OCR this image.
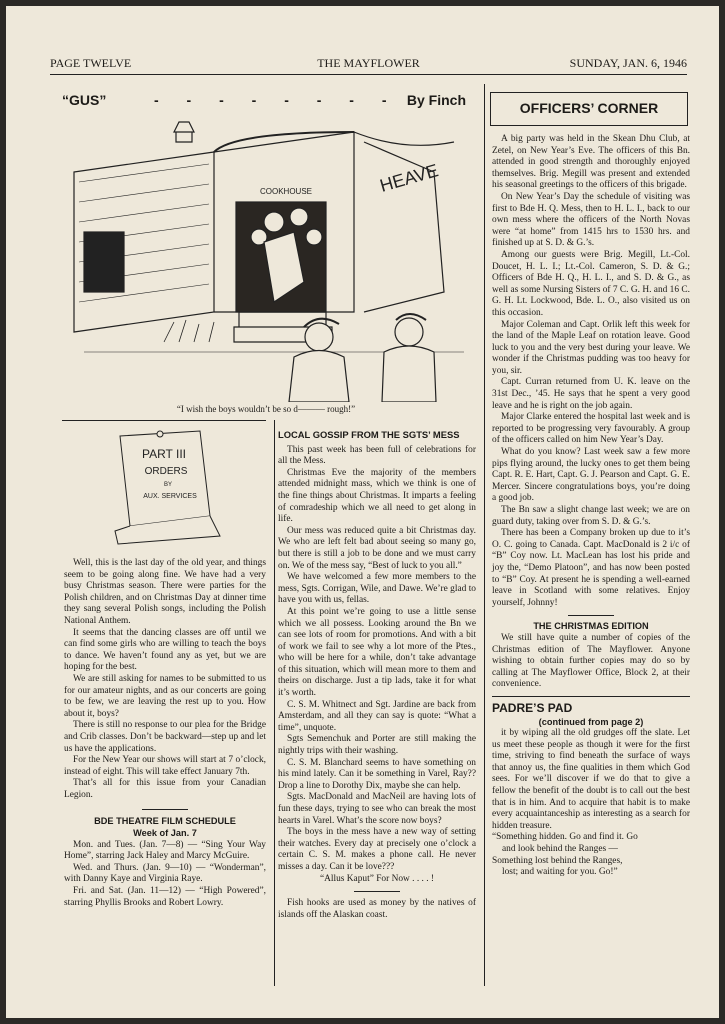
PAGE TWELVE	THE MAYFLOWER	SUNDAY, JAN. 6, 1946
“GUS”	- - - - - - - - By Finch
COOKHOUSE	HEAVE
“I wish the boys wouldn’t be so d——— rough!”
PART III
ORDERS
BY
AUX. SERVICES

Well, this is the last day of the old year, and things seem to be going along fine. We have had a very busy Christmas season. There were parties for the Polish children, and on Christmas Day at dinner time they sang several Polish songs, including the Polish National Anthem.

It seems that the dancing classes are off until we can find some girls who are willing to teach the boys to dance. We haven’t found any as yet, but we are hoping for the best.

We are still asking for names to be submitted to us for our amateur nights, and as our concerts are going to be few, we are leaving the rest up to you. How about it, boys?

There is still no response to our plea for the Bridge and Crib classes. Don’t be backward—step up and let us have the applications.

For the New Year our shows will start at 7 o’clock, instead of eight. This will take effect January 7th.

That’s all for this issue from your Canadian Legion.

BDE THEATRE FILM SCHEDULE
Week of Jan. 7

Mon. and Tues. (Jan. 7—8) — “Sing Your Way Home”, starring Jack Haley and Marcy McGuire.

Wed. and Thurs. (Jan. 9—10) — “Wonderman”, with Danny Kaye and Virginia Raye.

Fri. and Sat. (Jan. 11—12) — “High Powered”, starring Phyllis Brooks and Robert Lowry.

LOCAL GOSSIP FROM THE SGTS’ MESS

This past week has been full of celebrations for all the Mess.

Christmas Eve the majority of the members attended midnight mass, which we think is one of the fine things about Christmas. It imparts a feeling of comradeship which we all need to get along in life.

Our mess was reduced quite a bit Christmas day. We who are left felt bad about seeing so many go, but there is still a job to be done and we must carry on. We of the mess say, “Best of luck to you all.”

We have welcomed a few more members to the mess, Sgts. Corrigan, Wile, and Dawe. We’re glad to have you with us, fellas.

At this point we’re going to use a little sense which we all possess. Looking around the Bn we can see lots of room for promotions. And with a bit of work we fail to see why a lot more of the Ptes., who will be here for a while, don’t take advantage of this situation, which will mean more to them and theirs on discharge. Just a tip lads, take it for what it’s worth.

C. S. M. Whitnect and Sgt. Jardine are back from Amsterdam, and all they can say is quote: “What a time”, unquote.

Sgts Semenchuk and Porter are still making the nightly trips with their washing.

C. S. M. Blanchard seems to have something on his mind lately. Can it be something in Varel, Ray?? Drop a line to Dorothy Dix, maybe she can help.

Sgts. MacDonald and MacNeil are having lots of fun these days, trying to see who can break the most hearts in Varel. What’s the score now boys?

The boys in the mess have a new way of setting their watches. Every day at precisely one o’clock a certain C. S. M. makes a phone call. He never misses a day. Can it be love???

“Allus Kaput” For Now . . . . !

Fish hooks are used as money by the natives of islands off the Alaskan coast.

OFFICERS’ CORNER

A big party was held in the Skean Dhu Club, at Zetel, on New Year’s Eve. The officers of this Bn. attended in good strength and thoroughly enjoyed themselves. Brig. Megill was present and extended his seasonal greetings to the officers of this brigade.

On New Year’s Day the schedule of visiting was first to Bde H. Q. Mess, then to H. L. I., back to our own mess where the officers of the North Novas were “at home” from 1415 hrs to 1530 hrs. and finished up at S. D. & G.’s.

Among our guests were Brig. Megill, Lt.-Col. Doucet, H. L. I.; Lt.-Col. Cameron, S. D. & G.; Officers of Bde H. Q., H. L. I., and S. D. & G., as well as some Nursing Sisters of 7 C. G. H. and 16 C. G. H. Lt. Lockwood, Bde. L. O., also visited us on this occasion.

Major Coleman and Capt. Orlik left this week for the land of the Maple Leaf on rotation leave. Good luck to you and the very best during your leave. We wonder if the Christmas pudding was too heavy for you, sir.

Capt. Curran returned from U. K. leave on the 31st Dec., ’45. He says that he spent a very good leave and he is right on the job again.

Major Clarke entered the hospital last week and is reported to be progressing very favourably. A group of the officers called on him New Year’s Day.

What do you know? Last week saw a few more pips flying around, the lucky ones to get them being Capt. R. E. Hart, Capt. G. J. Pearson and Capt. G. E. Mercer. Sincere congratulations boys, you’re doing a good job.

The Bn saw a slight change last week; we are on guard duty, taking over from S. D. & G.’s.

There has been a Company broken up due to it’s O. C. going to Canada. Capt. MacDonald is 2 i/c of “B” Coy now. Lt. MacLean has lost his pride and joy the, “Demo Platoon”, and has now been posted to “B” Coy. At present he is spending a well-earned leave in Scotland with some relatives. Enjoy yourself, Johnny!

THE CHRISTMAS EDITION

We still have quite a number of copies of the Christmas edition of The Mayflower. Anyone wishing to obtain further copies may do so by calling at The Mayflower Office, Block 2, at their convenience.

PADRE’S PAD
(continued from page 2)

it by wiping all the old grudges off the slate. Let us meet these people as though it were for the first time, striving to find beneath the surface of ways that annoy us, the fine qualities in them which God sees. For we’ll discover if we do that to give a fellow the benefit of the doubt is to call out the best that is in him. And to acquire that habit is to make every acquaintanceship as interesting as a search for hidden treasure.

“Something hidden. Go and find it. Go
and look behind the Ranges —
Something lost behind the Ranges,
lost; and waiting for you. Go!”
